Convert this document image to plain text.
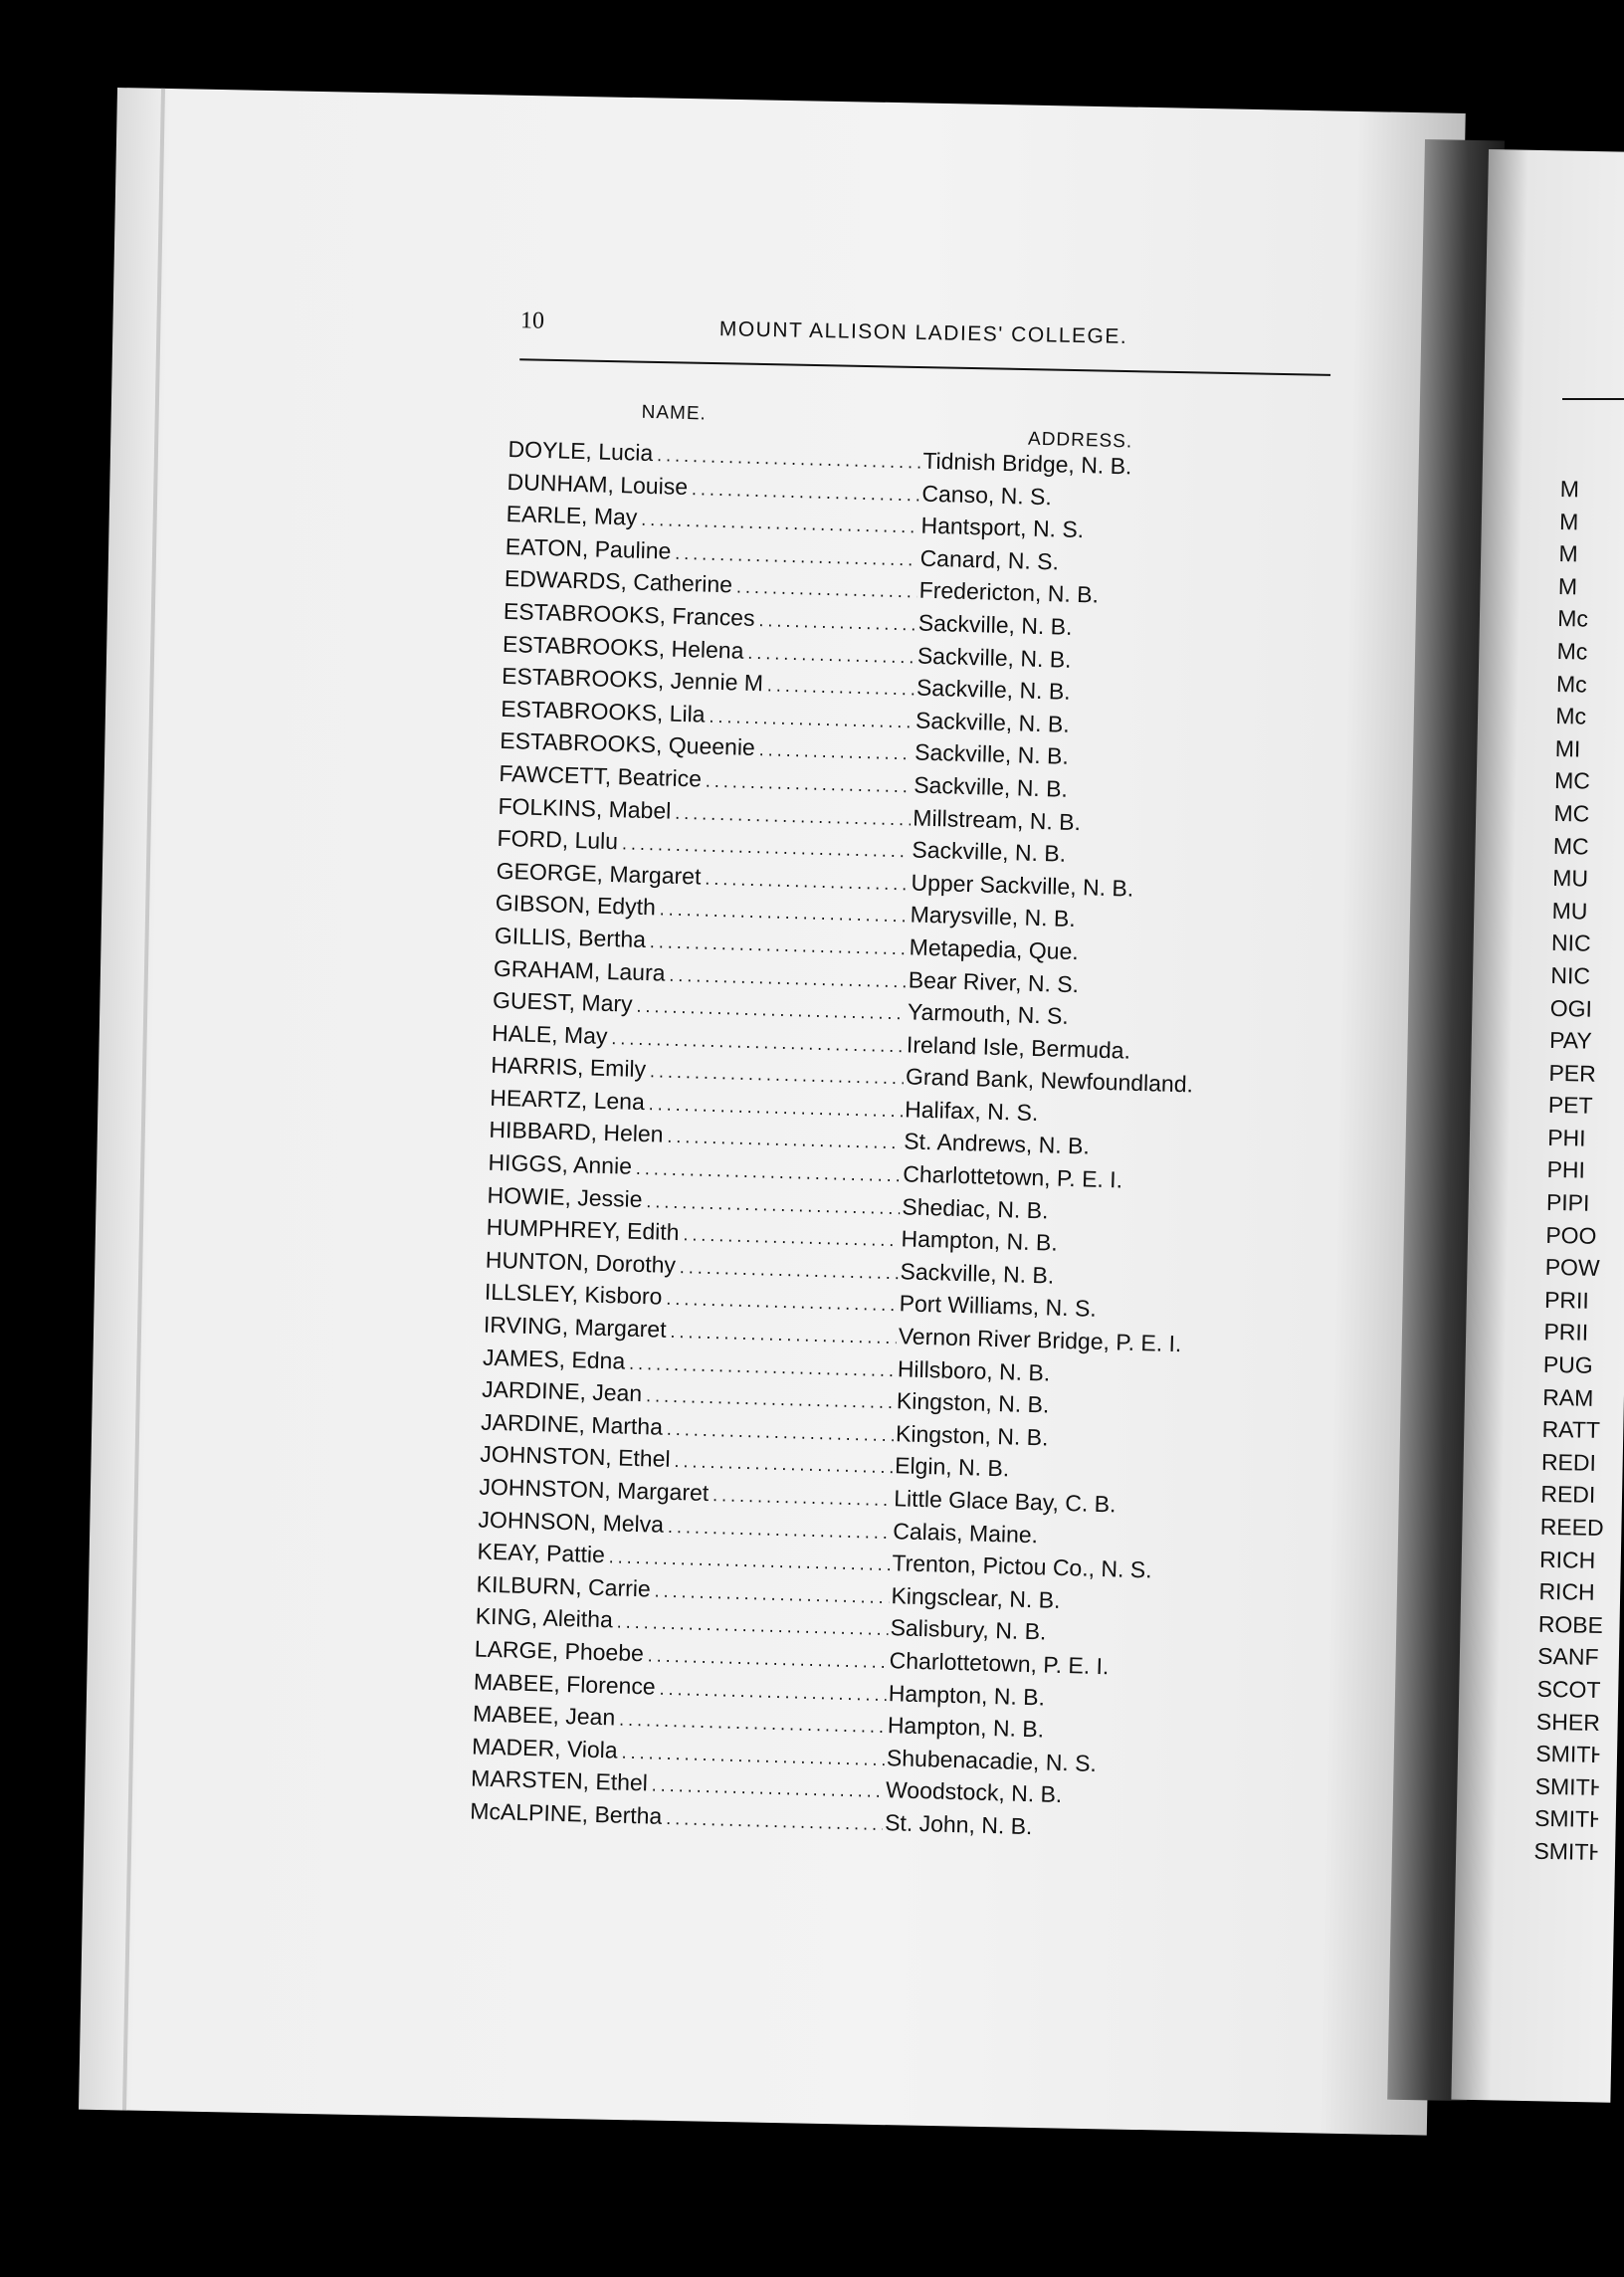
10	MOUNT ALLISON LADIES' COLLEGE.
NAME.
ADDRESS.
DOYLE, Lucia .....	Tidnish Bridge, N. B.
DUNHAM, Louise .....	Canso, N. S.
EARLE, May .....	Hantsport, N. S.
EATON, Pauline .....	Canard, N. S.
EDWARDS, Catherine .....	Fredericton, N. B.
ESTABROOKS, Frances .....	Sackville, N. B.
ESTABROOKS, Helena .....	Sackville, N. B.
ESTABROOKS, Jennie M .....	Sackville, N. B.
ESTABROOKS, Lila .....	Sackville, N. B.
ESTABROOKS, Queenie .....	Sackville, N. B.
FAWCETT, Beatrice .....	Sackville, N. B.
FOLKINS, Mabel .....	Millstream, N. B.
FORD, Lulu .....	Sackville, N. B.
GEORGE, Margaret .....	Upper Sackville, N. B.
GIBSON, Edyth .....	Marysville, N. B.
GILLIS, Bertha .....	Metapedia, Que.
GRAHAM, Laura .....	Bear River, N. S.
GUEST, Mary .....	Yarmouth, N. S.
HALE, May .....	Ireland Isle, Bermuda.
HARRIS, Emily .....	Grand Bank, Newfoundland.
HEARTZ, Lena .....	Halifax, N. S.
HIBBARD, Helen .....	St. Andrews, N. B.
HIGGS, Annie .....	Charlottetown, P. E. I.
HOWIE, Jessie .....	Shediac, N. B.
HUMPHREY, Edith .....	Hampton, N. B.
HUNTON, Dorothy .....	Sackville, N. B.
ILLSLEY, Kisboro .....	Port Williams, N. S.
IRVING, Margaret .....	Vernon River Bridge, P. E. I.
JAMES, Edna .....	Hillsboro, N. B.
JARDINE, Jean .....	Kingston, N. B.
JARDINE, Martha .....	Kingston, N. B.
JOHNSTON, Ethel .....	Elgin, N. B.
JOHNSTON, Margaret .....	Little Glace Bay, C. B.
JOHNSON, Melva .....	Calais, Maine.
KEAY, Pattie .....	Trenton, Pictou Co., N. S.
KILBURN, Carrie .....	Kingsclear, N. B.
KING, Aleitha .....	Salisbury, N. B.
LARGE, Phoebe .....	Charlottetown, P. E. I.
MABEE, Florence .....	Hampton, N. B.
MABEE, Jean .....	Hampton, N. B.
MADER, Viola .....	Shubenacadie, N. S.
MARSTEN, Ethel .....	Woodstock, N. B.
McALPINE, Bertha .....	St. John, N. B.
M
M
M
M
Mc
Mc
Mc
Mc
MI
MC
MC
MC
MU
MU
NIC
NIC
OGI
PAY
PER
PET
PHI
PHI
PIPI
POO
POW
PRII
PRII
PUG
RAM
RATT
REDI
REDI
REED
RICH
RICH
ROBE
SANF
SCOT
SHER
SMITH
SMITH
SMITH
SMITH
